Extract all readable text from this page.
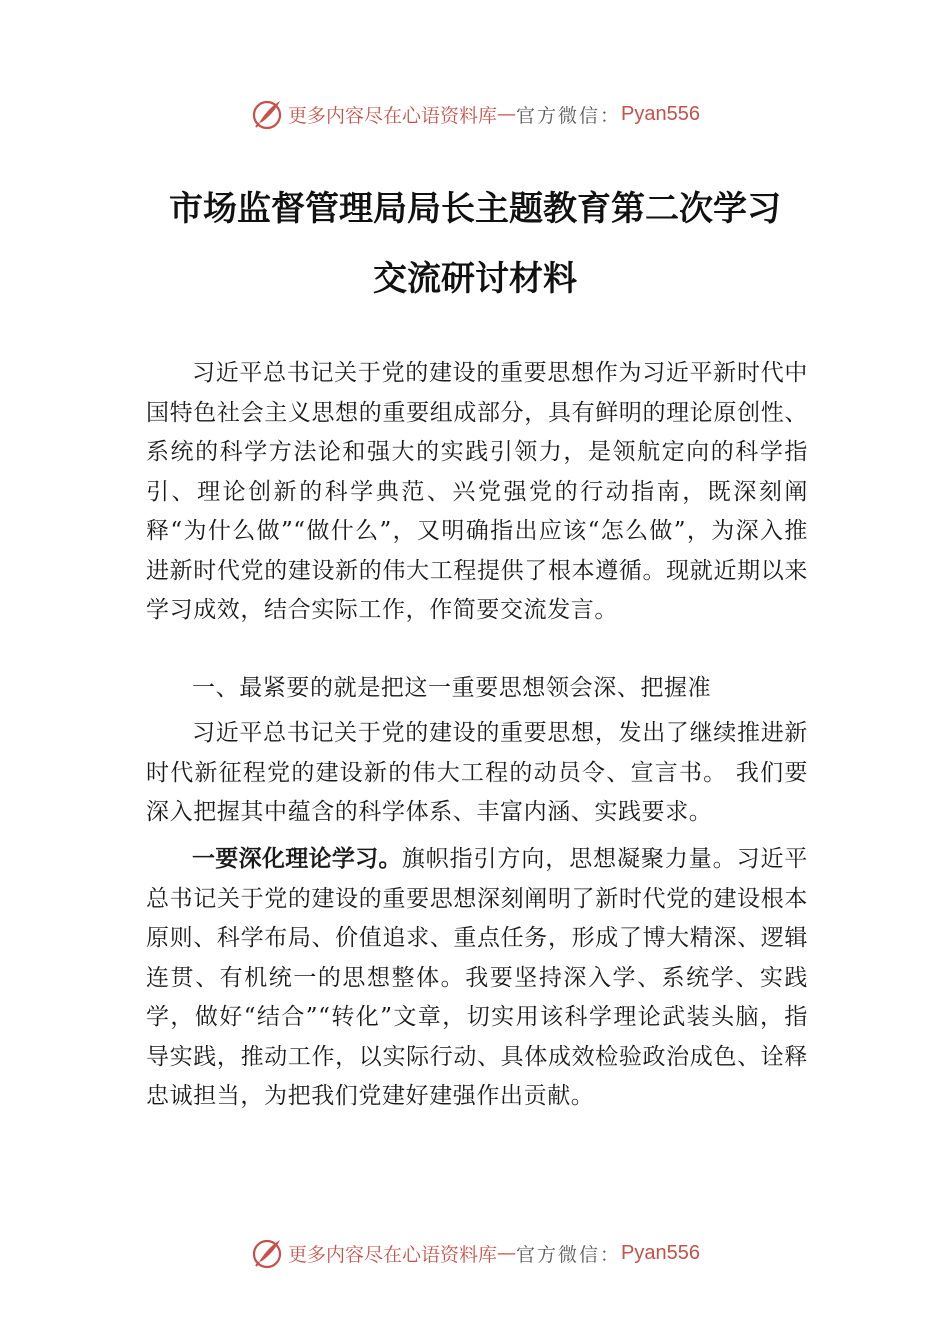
更多内容尽在心语资料库 — 官方微信： Pyan556
市场监督管理局局长主题教育第二次学习
交流研讨材料

习近平总书记关于党的建设的重要思想作为习近平新时代中国特色社会主义思想的重要组成部分，具有鲜明的理论原创性、系统的科学方法论和强大的实践引领力，是领航定向的科学指引、理论创新的科学典范、兴党强党的行动指南，既深刻阐释“为什么做”“做什么”，又明确指出应该“怎么做”，为深入推进新时代党的建设新的伟大工程提供了根本遵循。现就近期以来学习成效，结合实际工作，作简要交流发言。

一、最紧要的就是把这一重要思想领会深、把握准

习近平总书记关于党的建设的重要思想，发出了继续推进新时代新征程党的建设新的伟大工程的动员令、宣言书。 我们要深入把握其中蕴含的科学体系、丰富内涵、实践要求。

一要深化理论学习。旗帜指引方向，思想凝聚力量。习近平总书记关于党的建设的重要思想深刻阐明了新时代党的建设根本原则、科学布局、价值追求、重点任务，形成了博大精深、逻辑连贯、有机统一的思想整体。我要坚持深入学、系统学、实践学，做好“结合”“转化”文章，切实用该科学理论武装头脑，指导实践，推动工作，以实际行动、具体成效检验政治成色、诠释忠诚担当，为把我们党建好建强作出贡献。

更多内容尽在心语资料库 — 官方微信： Pyan556
